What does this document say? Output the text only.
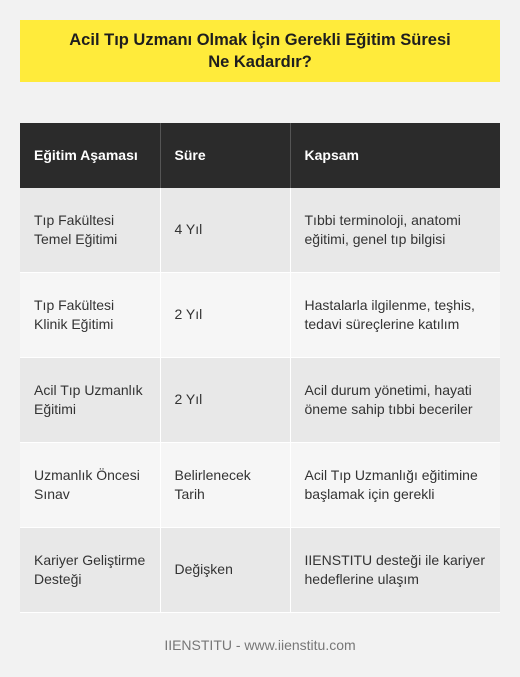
Acil Tıp Uzmanı Olmak İçin Gerekli Eğitim Süresi Ne Kadardır?
Eğitim Aşaması	Süre	Kapsam
Tıp Fakültesi Temel Eğitimi	4 Yıl	Tıbbi terminoloji, anatomi eğitimi, genel tıp bilgisi
Tıp Fakültesi Klinik Eğitimi	2 Yıl	Hastalarla ilgilenme, teşhis, tedavi süreçlerine katılım
Acil Tıp Uzmanlık Eğitimi	2 Yıl	Acil durum yönetimi, hayati öneme sahip tıbbi beceriler
Uzmanlık Öncesi Sınav	Belirlenecek Tarih	Acil Tıp Uzmanlığı eğitimine başlamak için gerekli
Kariyer Geliştirme Desteği	Değişken	IIENSTITU desteği ile kariyer hedeflerine ulaşım
IIENSTITU - www.iienstitu.com
